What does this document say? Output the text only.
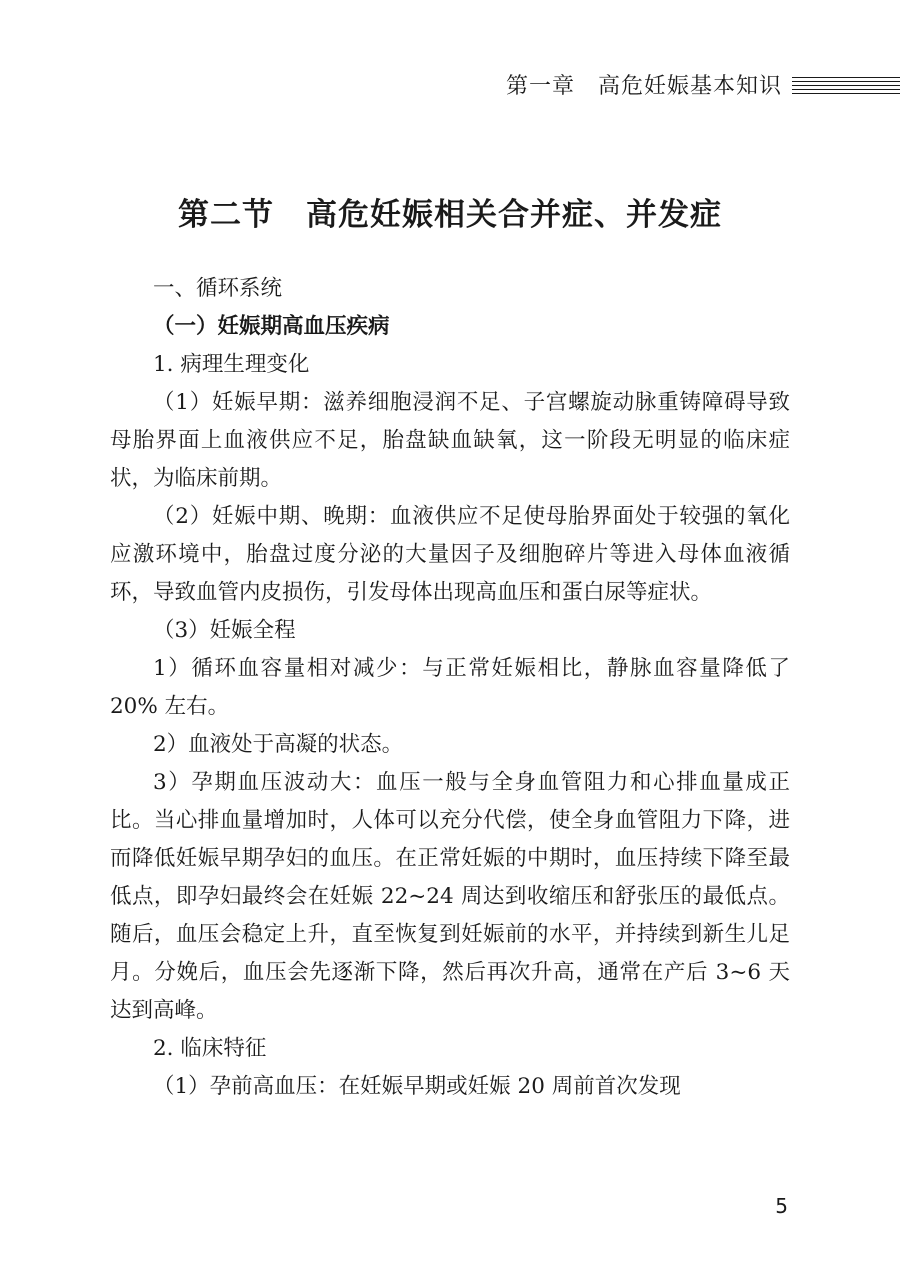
第一章　高危妊娠基本知识
第二节　高危妊娠相关合并症、并发症

一、循环系统

（一）妊娠期高血压疾病

1. 病理生理变化

（1）妊娠早期：滋养细胞浸润不足、子宫螺旋动脉重铸障碍导致母胎界面上血液供应不足，胎盘缺血缺氧，这一阶段无明显的临床症状，为临床前期。

（2）妊娠中期、晚期：血液供应不足使母胎界面处于较强的氧化应激环境中，胎盘过度分泌的大量因子及细胞碎片等进入母体血液循环，导致血管内皮损伤，引发母体出现高血压和蛋白尿等症状。

（3）妊娠全程

1）循环血容量相对减少：与正常妊娠相比，静脉血容量降低了 20% 左右。

2）血液处于高凝的状态。

3）孕期血压波动大：血压一般与全身血管阻力和心排血量成正比。当心排血量增加时，人体可以充分代偿，使全身血管阻力下降，进而降低妊娠早期孕妇的血压。在正常妊娠的中期时，血压持续下降至最低点，即孕妇最终会在妊娠 22~24 周达到收缩压和舒张压的最低点。随后，血压会稳定上升，直至恢复到妊娠前的水平，并持续到新生儿足月。分娩后，血压会先逐渐下降，然后再次升高，通常在产后 3~6 天达到高峰。

2. 临床特征

（1）孕前高血压：在妊娠早期或妊娠 20 周前首次发现

5
